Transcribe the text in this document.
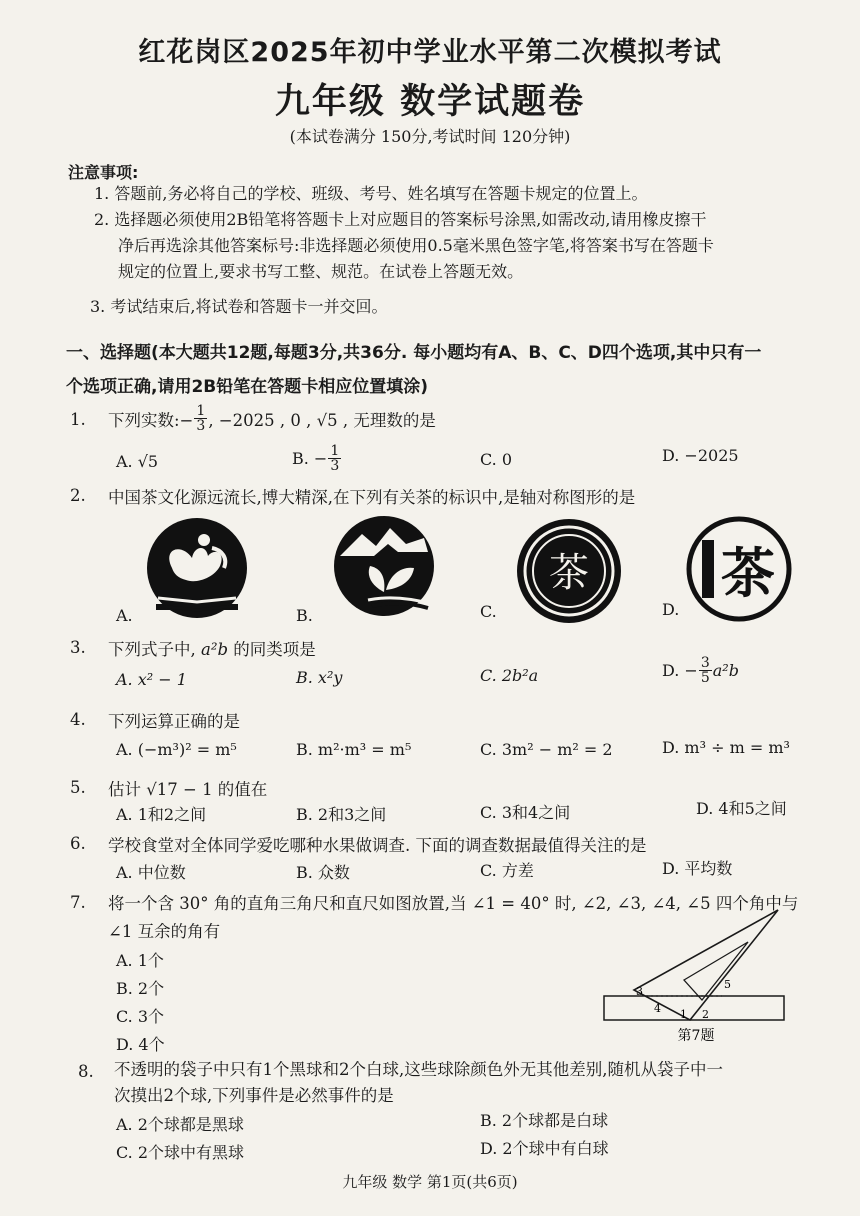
红花岗区2025年初中学业水平第二次模拟考试
九年级 数学试题卷
(本试卷满分 150分,考试时间 120分钟)
注意事项:
1. 答题前,务必将自己的学校、班级、考号、姓名填写在答题卡规定的位置上。
2. 选择题必须使用2B铅笔将答题卡上对应题目的答案标号涂黑,如需改动,请用橡皮擦干
净后再选涂其他答案标号:非选择题必须使用0.5毫米黑色签字笔,将答案书写在答题卡
规定的位置上,要求书写工整、规范。在试卷上答题无效。
3. 考试结束后,将试卷和答题卡一并交回。
一、选择题(本大题共12题,每题3分,共36分. 每小题均有A、B、C、D四个选项,其中只有一
个选项正确,请用2B铅笔在答题卡相应位置填涂)
1. 下列实数:− $\frac{1}{3}$ , −2025 , 0 , √5 , 无理数的是
A. √5	B. − $\frac{1}{3}$	C. 0	D. −2025
2. 中国茶文化源远流长,博大精深,在下列有关茶的标识中,是轴对称图形的是
A.	B.	C.
茶
D.
茶
3. 下列式子中, a²b 的同类项是
A. x² − 1	B. x²y	C. 2b²a	D. − $\frac{3}{5} a^2b$
4. 下列运算正确的是
A. (−m³)² = m⁵	B. m²·m³ = m⁵	C. 3m² − m² = 2	D. m³ ÷ m = m³
5. 估计 √17 − 1 的值在
A. 1和2之间	B. 2和3之间	C. 3和4之间	D. 4和5之间
6. 学校食堂对全体同学爱吃哪种水果做调查. 下面的调查数据最值得关注的是
A. 中位数	B. 众数	C. 方差	D. 平均数
7. 将一个含 30° 角的直角三角尺和直尺如图放置,当 ∠1 = 40° 时, ∠2, ∠3, ∠4, ∠5 四个角中与
∠1 互余的角有
A. 1个
B. 2个
C. 3个
D. 4个
3
4 1 2
5
第7题
8. 不透明的袋子中只有1个黑球和2个白球,这些球除颜色外无其他差别,随机从袋子中一
次摸出2个球,下列事件是必然事件的是
A. 2个球都是黑球	B. 2个球都是白球
C. 2个球中有黑球	D. 2个球中有白球
九年级 数学 第1页(共6页)
